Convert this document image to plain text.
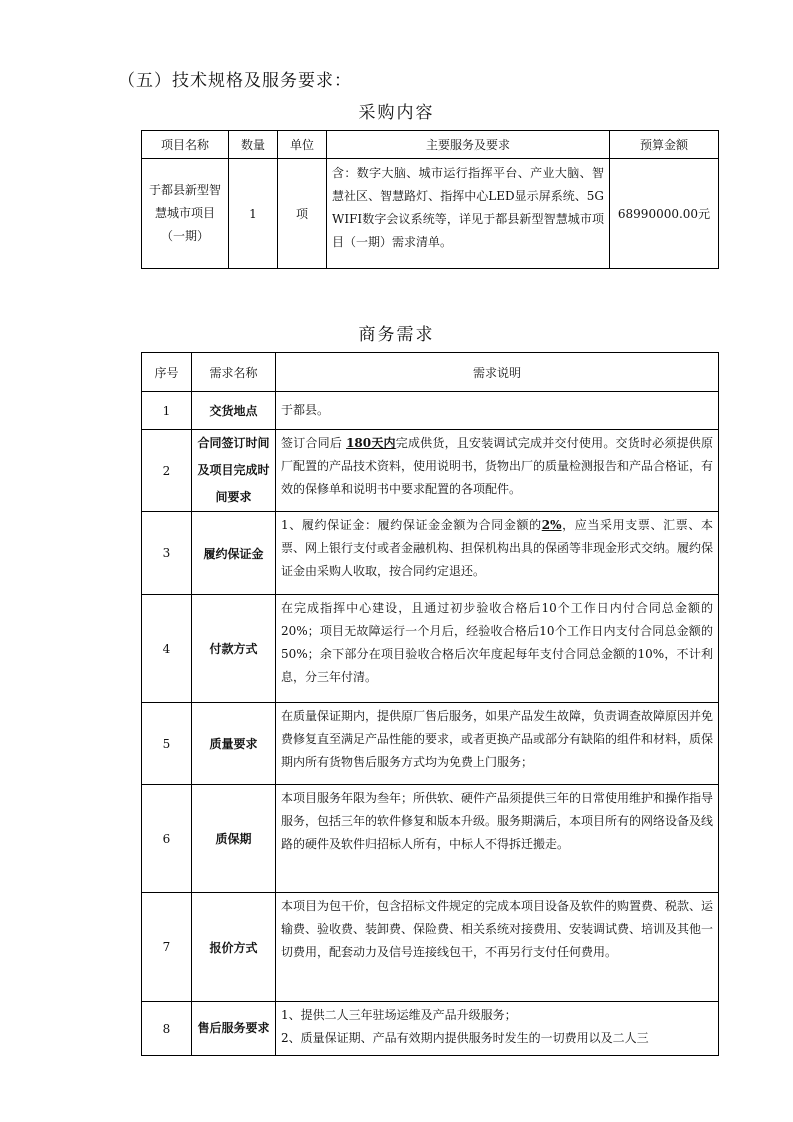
（五）技术规格及服务要求：
采购内容
项目名称	数量	单位	主要服务及要求	预算金额
于都县新型智慧城市项目（一期）	1	项	含：数字大脑、城市运行指挥平台、产业大脑、智慧社区、智慧路灯、指挥中心LED显示屏系统、5G WIFI数字会议系统等，详见于都县新型智慧城市项目（一期）需求清单。	68990000.00元
商务需求
序号	需求名称	需求说明
1	交货地点	于都县。
2	合同签订时间及项目完成时间要求	签订合同后 180天内完成供货，且安装调试完成并交付使用。交货时必须提供原厂配置的产品技术资料，使用说明书，货物出厂的质量检测报告和产品合格证，有效的保修单和说明书中要求配置的各项配件。
3	履约保证金	1、履约保证金：履约保证金金额为合同金额的2%，应当采用支票、汇票、本票、网上银行支付或者金融机构、担保机构出具的保函等非现金形式交纳。履约保证金由采购人收取，按合同约定退还。
4	付款方式	在完成指挥中心建设，且通过初步验收合格后10个工作日内付合同总金额的20%；项目无故障运行一个月后，经验收合格后10个工作日内支付合同总金额的50%；余下部分在项目验收合格后次年度起每年支付合同总金额的10%，不计利息，分三年付清。
5	质量要求	在质量保证期内，提供原厂售后服务，如果产品发生故障，负责调查故障原因并免费修复直至满足产品性能的要求，或者更换产品或部分有缺陷的组件和材料，质保期内所有货物售后服务方式均为免费上门服务；
6	质保期	本项目服务年限为叁年；所供软、硬件产品须提供三年的日常使用维护和操作指导服务，包括三年的软件修复和版本升级。服务期满后，本项目所有的网络设备及线路的硬件及软件归招标人所有，中标人不得拆迁搬走。
7	报价方式	本项目为包干价，包含招标文件规定的完成本项目设备及软件的购置费、税款、运输费、验收费、装卸费、保险费、相关系统对接费用、安装调试费、培训及其他一切费用，配套动力及信号连接线包干，不再另行支付任何费用。
8	售后服务要求	1、提供二人三年驻场运维及产品升级服务；
2、质量保证期、产品有效期内提供服务时发生的一切费用以及二人三
